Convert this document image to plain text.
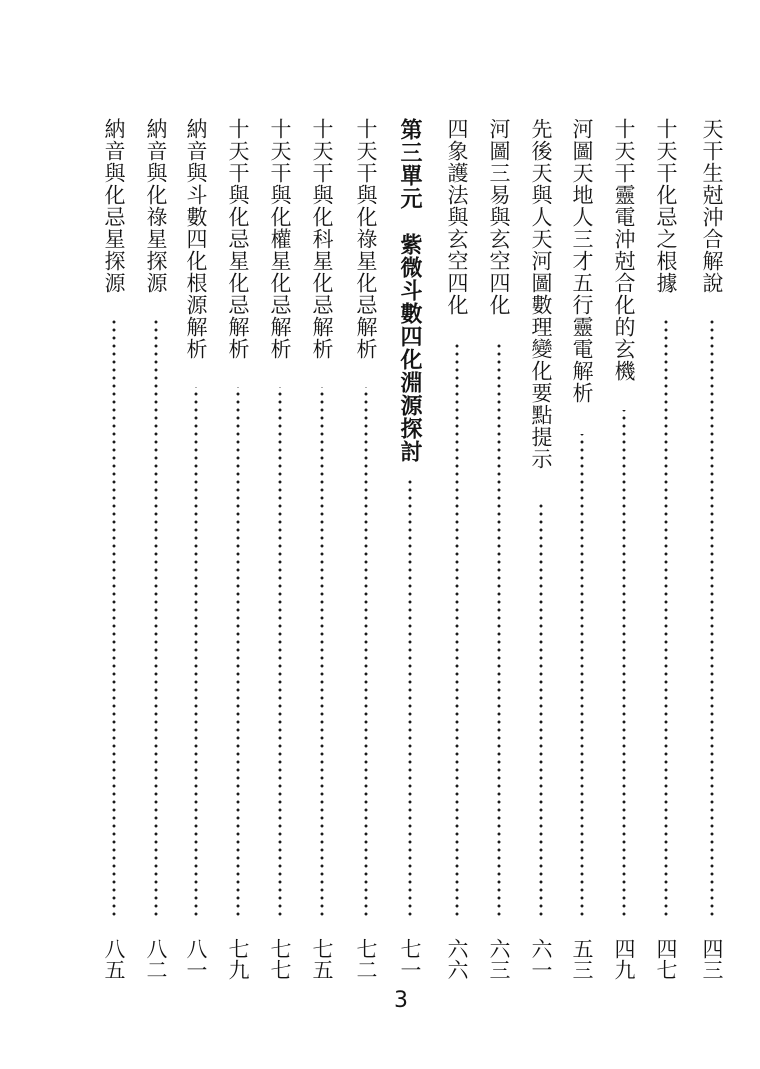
天干生尅沖合解說
四三
十天干化忌之根據
四七
十天干靈電沖尅合化的玄機
四九
河圖天地人三才五行靈電解析
五三
先後天與人天河圖數理變化要點提示
六一
河圖三易與玄空四化
六三
四象護法與玄空四化
六六
第三單元　紫微斗數四化淵源探討
七一
十天干與化祿星化忌解析
七二
十天干與化科星化忌解析
七五
十天干與化權星化忌解析
七七
十天干與化忌星化忌解析
七九
納音與斗數四化根源解析
八一
納音與化祿星探源
八二
納音與化忌星探源
八五
3
